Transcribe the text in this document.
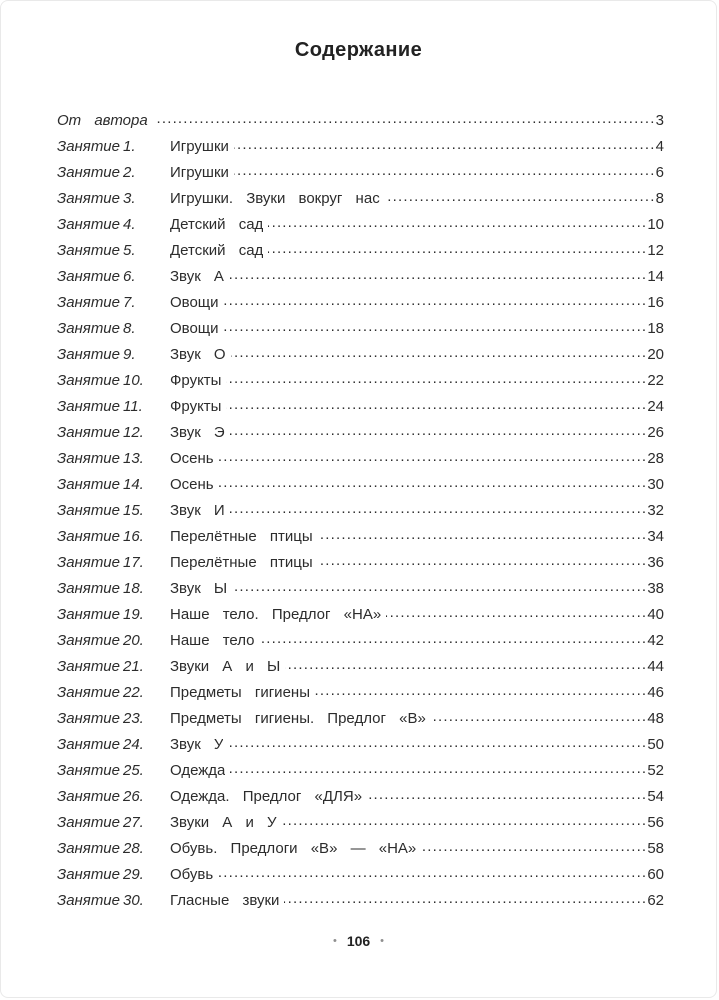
Содержание
От автора .....	3
Занятие 1.	Игрушки .....	4
Занятие 2.	Игрушки .....	6
Занятие 3.	Игрушки. Звуки вокруг нас .....	8
Занятие 4.	Детский сад .....	10
Занятие 5.	Детский сад .....	12
Занятие 6.	Звук А .....	14
Занятие 7.	Овощи .....	16
Занятие 8.	Овощи .....	18
Занятие 9.	Звук О .....	20
Занятие 10.	Фрукты .....	22
Занятие 11.	Фрукты .....	24
Занятие 12.	Звук Э .....	26
Занятие 13.	Осень .....	28
Занятие 14.	Осень .....	30
Занятие 15.	Звук И .....	32
Занятие 16.	Перелётные птицы .....	34
Занятие 17.	Перелётные птицы .....	36
Занятие 18.	Звук Ы .....	38
Занятие 19.	Наше тело. Предлог «НА» .....	40
Занятие 20.	Наше тело .....	42
Занятие 21.	Звуки А и Ы .....	44
Занятие 22.	Предметы гигиены .....	46
Занятие 23.	Предметы гигиены. Предлог «В» .....	48
Занятие 24.	Звук У .....	50
Занятие 25.	Одежда .....	52
Занятие 26.	Одежда. Предлог «ДЛЯ» .....	54
Занятие 27.	Звуки А и У .....	56
Занятие 28.	Обувь. Предлоги «В» — «НА» .....	58
Занятие 29.	Обувь .....	60
Занятие 30.	Гласные звуки .....	62
• 106 •
